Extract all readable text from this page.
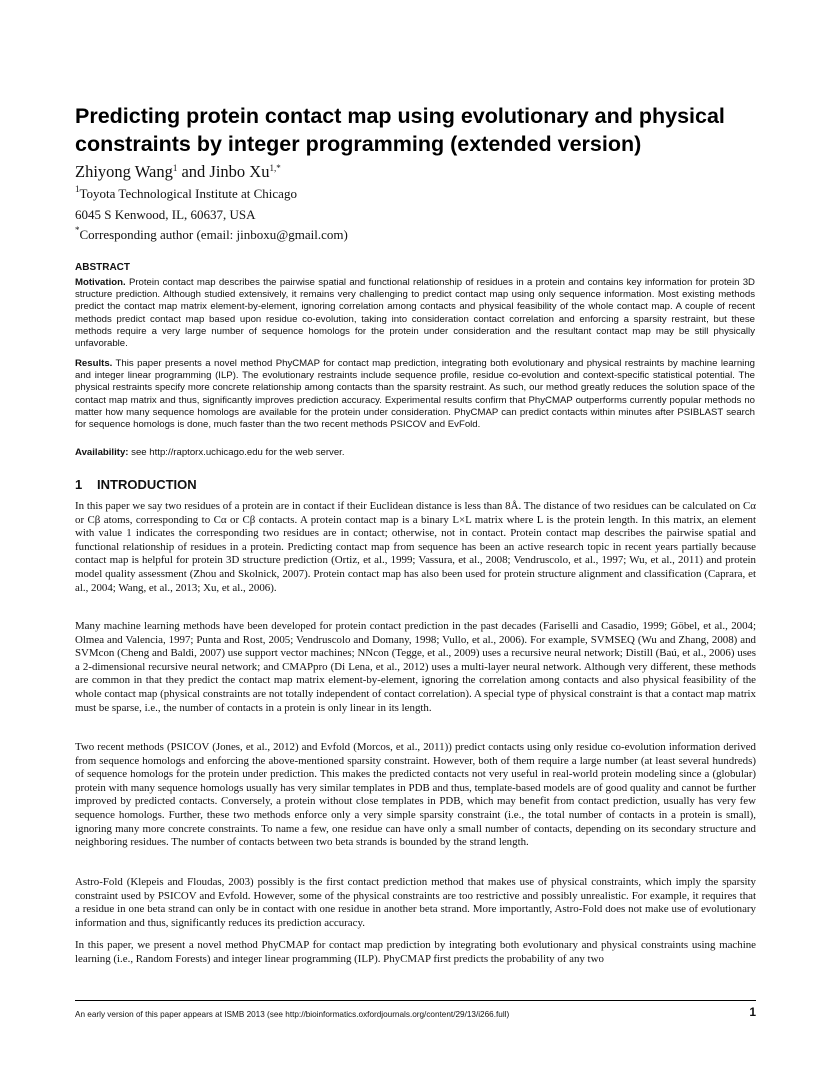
Predicting protein contact map using evolutionary and physical constraints by integer programming (extended version)

Zhiyong Wang$^1$ and Jinbo $Xu^{1,*}$

$^1$Toyota Technological Institute at Chicago

6045 S Kenwood, IL, 60637, USA

*Corresponding author (email: jinboxu@gmail.com)

ABSTRACT

Motivation. Protein contact map describes the pairwise spatial and functional relationship of residues in a protein and contains key information for protein 3D structure prediction. Although studied extensively, it remains very challenging to predict contact map using only sequence information. Most existing methods predict the contact map matrix element-by-element, ignoring correlation among contacts and physical feasibility of the whole contact map. A couple of recent methods predict contact map based upon residue co-evolution, taking into consideration contact correlation and enforcing a sparsity restraint, but these methods require a very large number of sequence homologs for the protein under consideration and the resultant contact map may be still physically unfavorable.

Results. This paper presents a novel method PhyCMAP for contact map prediction, integrating both evolutionary and physical restraints by machine learning and integer linear programming (ILP). The evolutionary restraints include sequence profile, residue co-evolution and context-specific statistical potential. The physical restraints specify more concrete relationship among contacts than the sparsity restraint. As such, our method greatly reduces the solution space of the contact map matrix and thus, significantly improves prediction accuracy. Experimental results confirm that PhyCMAP outperforms currently popular methods no matter how many sequence homologs are available for the protein under consideration. PhyCMAP can predict contacts within minutes after PSIBLAST search for sequence homologs is done, much faster than the two recent methods PSICOV and EvFold.

Availability: see http://raptorx.uchicago.edu for the web server.

1 INTRODUCTION

In this paper we say two residues of a protein are in contact if their Euclidean distance is less than 8Å. The distance of two residues can be calculated on Cα or Cβ atoms, corresponding to Cα or Cβ contacts. A protein contact map is a binary L×L matrix where L is the protein length. In this matrix, an element with value 1 indicates the corresponding two residues are in contact; otherwise, not in contact. Protein contact map describes the pairwise spatial and functional relationship of residues in a protein. Predicting contact map from sequence has been an active research topic in recent years partially because contact map is helpful for protein 3D structure prediction (Ortiz, et al., 1999; Vassura, et al., 2008; Vendruscolo, et al., 1997; Wu, et al., 2011) and protein model quality assessment (Zhou and Skolnick, 2007). Protein contact map has also been used for protein structure alignment and classification (Caprara, et al., 2004; Wang, et al., 2013; Xu, et al., 2006).

Many machine learning methods have been developed for protein contact prediction in the past decades (Fariselli and Casadio, 1999; Göbel, et al., 2004; Olmea and Valencia, 1997; Punta and Rost, 2005; Vendruscolo and Domany, 1998; Vullo, et al., 2006). For example, SVMSEQ (Wu and Zhang, 2008) and SVMcon (Cheng and Baldi, 2007) use support vector machines; NNcon (Tegge, et al., 2009) uses a recursive neural network; Distill (Baú, et al., 2006) uses a 2-dimensional recursive neural network; and CMAPpro (Di Lena, et al., 2012) uses a multi-layer neural network. Although very different, these methods are common in that they predict the contact map matrix element-by-element, ignoring the correlation among contacts and also physical feasibility of the whole contact map (physical constraints are not totally independent of contact correlation). A special type of physical constraint is that a contact map matrix must be sparse, i.e., the number of contacts in a protein is only linear in its length.

Two recent methods (PSICOV (Jones, et al., 2012) and Evfold (Morcos, et al., 2011)) predict contacts using only residue co-evolution information derived from sequence homologs and enforcing the above-mentioned sparsity constraint. However, both of them require a large number (at least several hundreds) of sequence homologs for the protein under prediction. This makes the predicted contacts not very useful in real-world protein modeling since a (globular) protein with many sequence homologs usually has very similar templates in PDB and thus, template-based models are of good quality and cannot be further improved by predicted contacts. Conversely, a protein without close templates in PDB, which may benefit from contact prediction, usually has very few sequence homologs. Further, these two methods enforce only a very simple sparsity constraint (i.e., the total number of contacts in a protein is small), ignoring many more concrete constraints. To name a few, one residue can have only a small number of contacts, depending on its secondary structure and neighboring residues. The number of contacts between two beta strands is bounded by the strand length.

Astro-Fold (Klepeis and Floudas, 2003) possibly is the first contact prediction method that makes use of physical constraints, which imply the sparsity constraint used by PSICOV and Evfold. However, some of the physical constraints are too restrictive and possibly unrealistic. For example, it requires that a residue in one beta strand can only be in contact with one residue in another beta strand. More importantly, Astro-Fold does not make use of evolutionary information and thus, significantly reduces its prediction accuracy.

In this paper, we present a novel method PhyCMAP for contact map prediction by integrating both evolutionary and physical constraints using machine learning (i.e., Random Forests) and integer linear programming (ILP). PhyCMAP first predicts the probability of any two

An early version of this paper appears at ISMB 2013 (see http://bioinformatics.oxfordjournals.org/content/29/13/i266.full)	1
